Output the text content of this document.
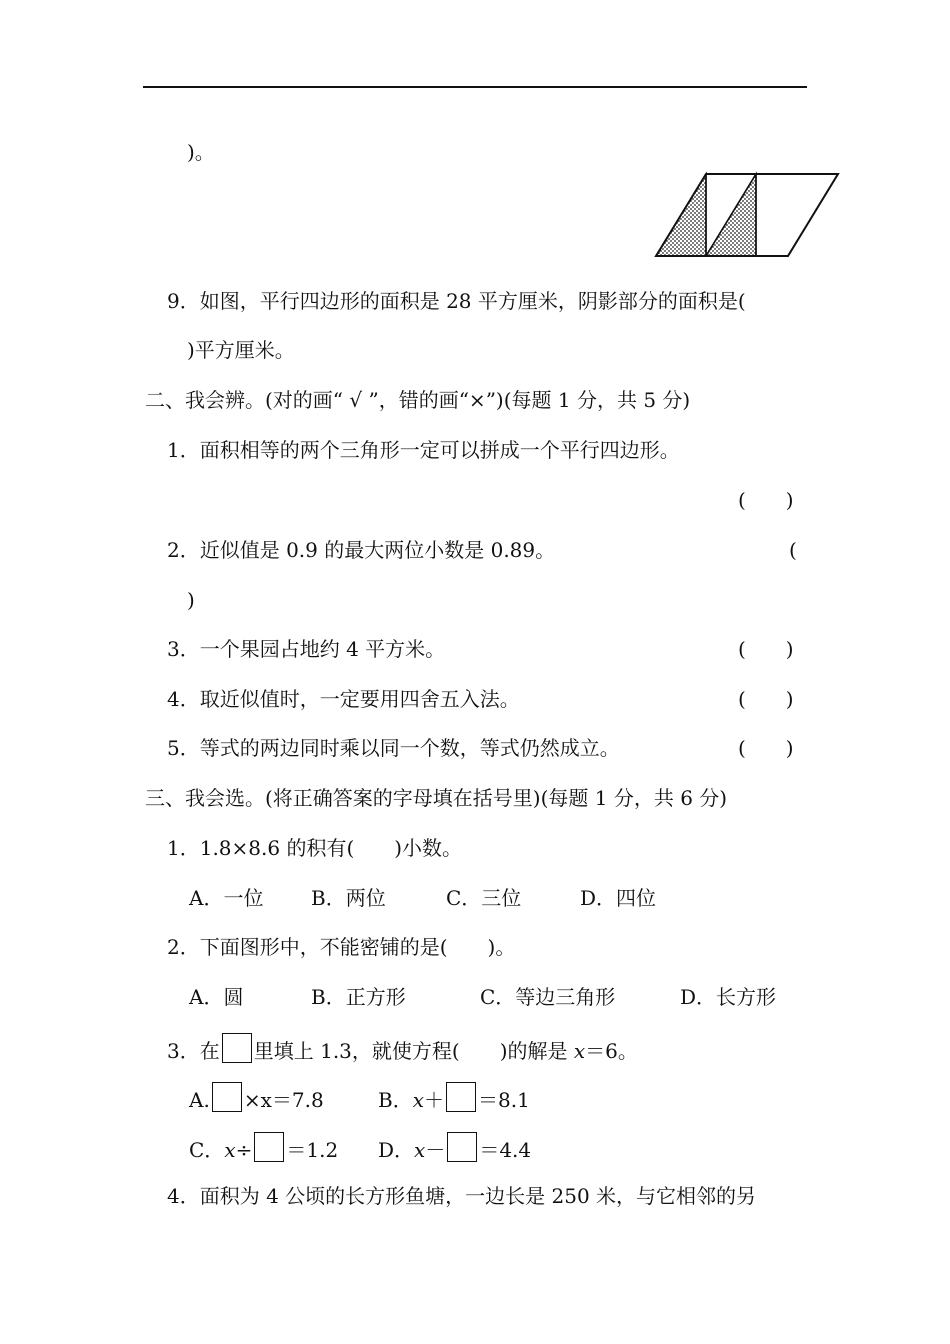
)。
9．如图，平行四边形的面积是 28 平方厘米，阴影部分的面积是(
)平方厘米。
二、我会辨。(对的画“ √ ”，错的画“×”)(每题 1 分，共 5 分)
1．面积相等的两个三角形一定可以拼成一个平行四边形。
(　　)
2．近似值是 0.9 的最大两位小数是 0.89。	(
)
3．一个果园占地约 4 平方米。	(　　)
4．取近似值时，一定要用四舍五入法。	(　　)
5．等式的两边同时乘以同一个数，等式仍然成立。	(　　)
三、我会选。(将正确答案的字母填在括号里)(每题 1 分，共 6 分)
1．1.8×8.6 的积有(　　)小数。
A．一位 B．两位	C．三位	D．四位
2．下面图形中，不能密铺的是(　　)。
A．圆	B．正方形	C．等边三角形	D．长方形
3．在 里填上 1.3，就使方程(　　)的解是 x＝6。
A. ×x＝7.8	B．x＋ ＝8.1
C．x÷ ＝1.2 D．x－ ＝4.4
4．面积为 4 公顷的长方形鱼塘，一边长是 250 米，与它相邻的另
